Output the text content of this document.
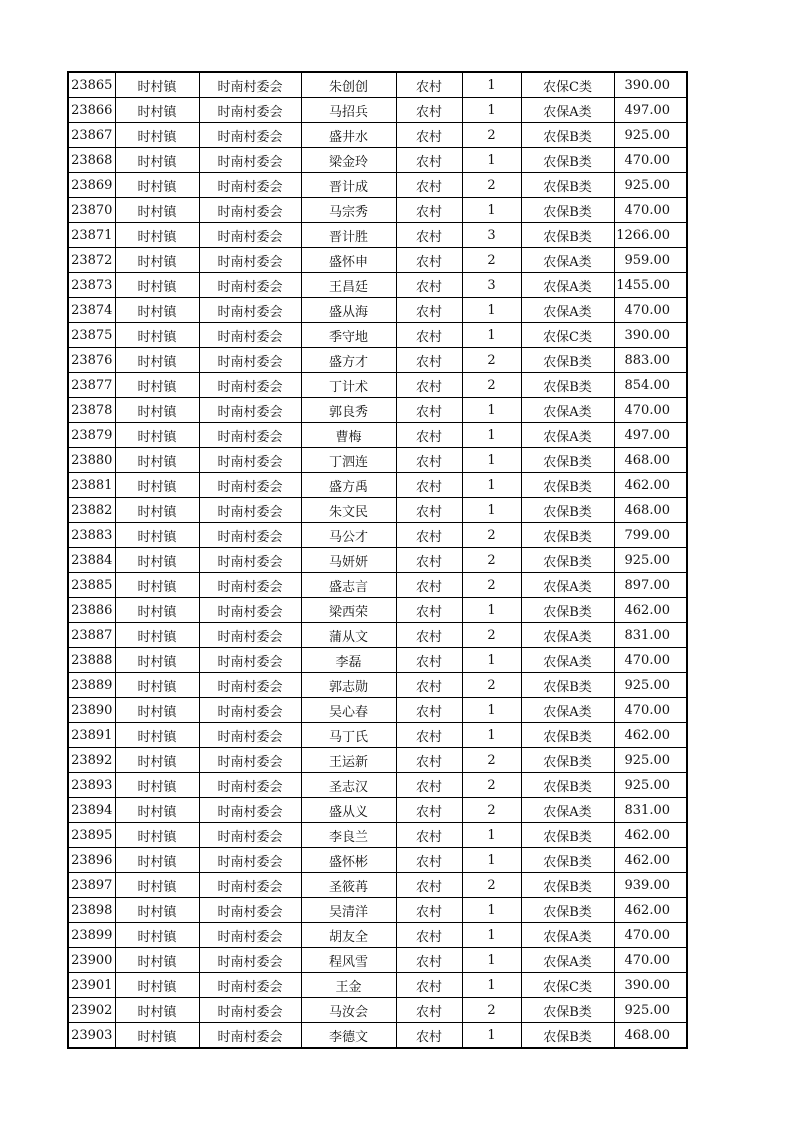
23865	时村镇	时南村委会	朱创创	农村	1	农保C类	390.00
23866	时村镇	时南村委会	马招兵	农村	1	农保A类	497.00
23867	时村镇	时南村委会	盛井水	农村	2	农保B类	925.00
23868	时村镇	时南村委会	梁金玲	农村	1	农保B类	470.00
23869	时村镇	时南村委会	晋计成	农村	2	农保B类	925.00
23870	时村镇	时南村委会	马宗秀	农村	1	农保B类	470.00
23871	时村镇	时南村委会	晋计胜	农村	3	农保B类	1266.00
23872	时村镇	时南村委会	盛怀申	农村	2	农保A类	959.00
23873	时村镇	时南村委会	王昌廷	农村	3	农保A类	1455.00
23874	时村镇	时南村委会	盛从海	农村	1	农保A类	470.00
23875	时村镇	时南村委会	季守地	农村	1	农保C类	390.00
23876	时村镇	时南村委会	盛方才	农村	2	农保B类	883.00
23877	时村镇	时南村委会	丁计术	农村	2	农保B类	854.00
23878	时村镇	时南村委会	郭良秀	农村	1	农保A类	470.00
23879	时村镇	时南村委会	曹梅	农村	1	农保A类	497.00
23880	时村镇	时南村委会	丁泗连	农村	1	农保B类	468.00
23881	时村镇	时南村委会	盛方禹	农村	1	农保B类	462.00
23882	时村镇	时南村委会	朱文民	农村	1	农保B类	468.00
23883	时村镇	时南村委会	马公才	农村	2	农保B类	799.00
23884	时村镇	时南村委会	马妍妍	农村	2	农保B类	925.00
23885	时村镇	时南村委会	盛志言	农村	2	农保A类	897.00
23886	时村镇	时南村委会	梁西荣	农村	1	农保B类	462.00
23887	时村镇	时南村委会	蒲从文	农村	2	农保A类	831.00
23888	时村镇	时南村委会	李磊	农村	1	农保A类	470.00
23889	时村镇	时南村委会	郭志勋	农村	2	农保B类	925.00
23890	时村镇	时南村委会	吴心春	农村	1	农保A类	470.00
23891	时村镇	时南村委会	马丁氏	农村	1	农保B类	462.00
23892	时村镇	时南村委会	王运新	农村	2	农保B类	925.00
23893	时村镇	时南村委会	圣志汉	农村	2	农保B类	925.00
23894	时村镇	时南村委会	盛从义	农村	2	农保A类	831.00
23895	时村镇	时南村委会	李良兰	农村	1	农保B类	462.00
23896	时村镇	时南村委会	盛怀彬	农村	1	农保B类	462.00
23897	时村镇	时南村委会	圣筱苒	农村	2	农保B类	939.00
23898	时村镇	时南村委会	吴清洋	农村	1	农保B类	462.00
23899	时村镇	时南村委会	胡友全	农村	1	农保A类	470.00
23900	时村镇	时南村委会	程风雪	农村	1	农保A类	470.00
23901	时村镇	时南村委会	王金	农村	1	农保C类	390.00
23902	时村镇	时南村委会	马汝会	农村	2	农保B类	925.00
23903	时村镇	时南村委会	李德文	农村	1	农保B类	468.00
